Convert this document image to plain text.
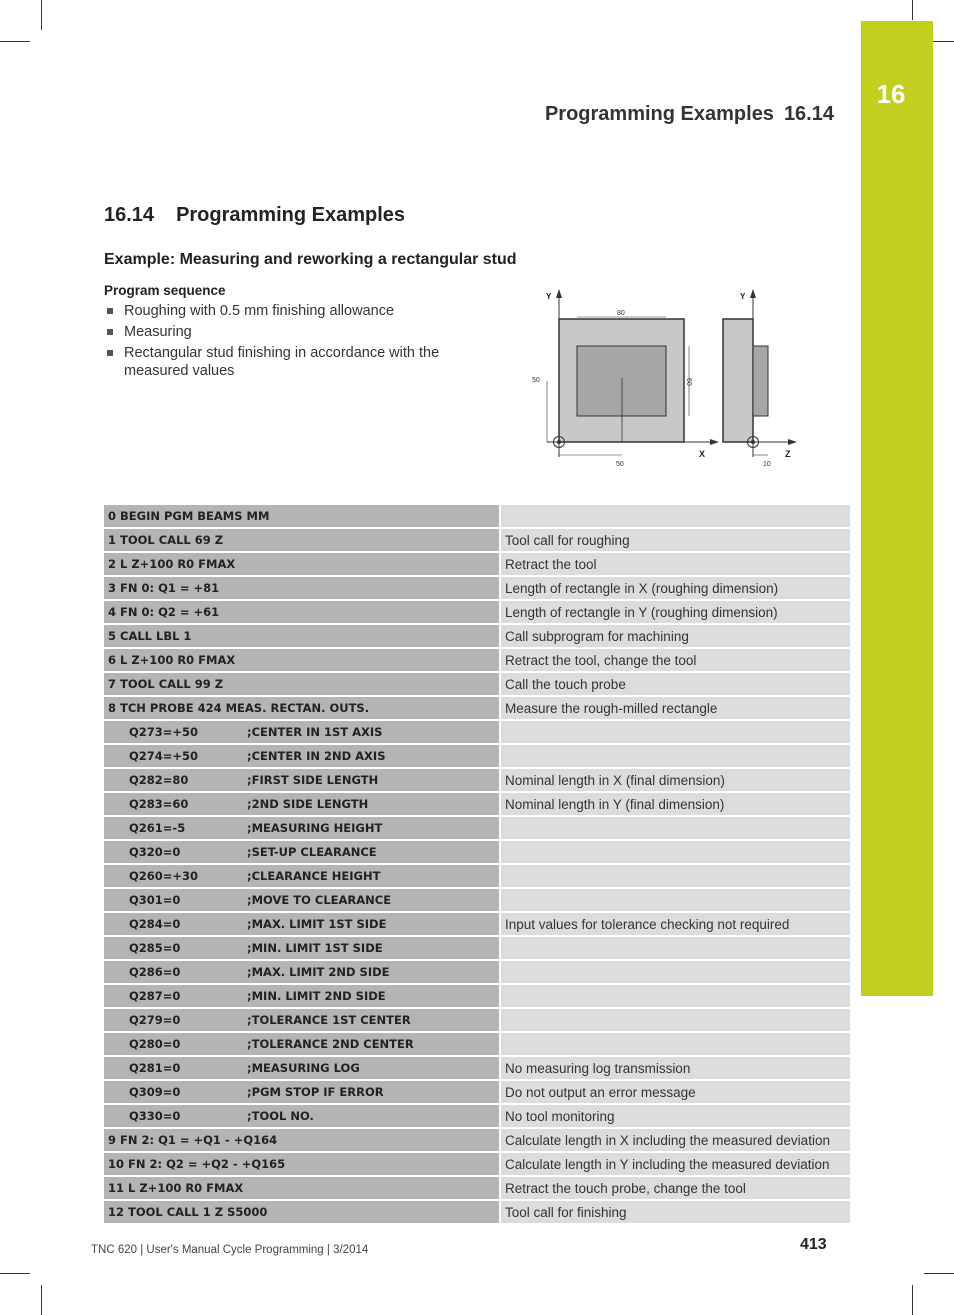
16
Programming Examples 16.14
16.14 Programming Examples
Example: Measuring and reworking a rectangular stud
Program sequence
Roughing with 0.5 mm finishing allowance
Measuring
Rectangular stud finishing in accordance with the measured values
Y
X
80
60
50
50
Y
Z
10
0 BEGIN PGM BEAMS MM	
1 TOOL CALL 69 Z	Tool call for roughing
2 L Z+100 R0 FMAX	Retract the tool
3 FN 0: Q1 = +81	Length of rectangle in X (roughing dimension)
4 FN 0: Q2 = +61	Length of rectangle in Y (roughing dimension)
5 CALL LBL 1	Call subprogram for machining
6 L Z+100 R0 FMAX	Retract the tool, change the tool
7 TOOL CALL 99 Z	Call the touch probe
8 TCH PROBE 424 MEAS. RECTAN. OUTS.	Measure the rough-milled rectangle
Q273=+50 ;CENTER IN 1ST AXIS	
Q274=+50 ;CENTER IN 2ND AXIS	
Q282=80 ;FIRST SIDE LENGTH	Nominal length in X (final dimension)
Q283=60 ;2ND SIDE LENGTH	Nominal length in Y (final dimension)
Q261=-5 ;MEASURING HEIGHT	
Q320=0 ;SET-UP CLEARANCE	
Q260=+30 ;CLEARANCE HEIGHT	
Q301=0 ;MOVE TO CLEARANCE	
Q284=0 ;MAX. LIMIT 1ST SIDE	Input values for tolerance checking not required
Q285=0 ;MIN. LIMIT 1ST SIDE	
Q286=0 ;MAX. LIMIT 2ND SIDE	
Q287=0 ;MIN. LIMIT 2ND SIDE	
Q279=0 ;TOLERANCE 1ST CENTER	
Q280=0 ;TOLERANCE 2ND CENTER	
Q281=0 ;MEASURING LOG	No measuring log transmission
Q309=0 ;PGM STOP IF ERROR	Do not output an error message
Q330=0 ;TOOL NO.	No tool monitoring
9 FN 2: Q1 = +Q1 - +Q164	Calculate length in X including the measured deviation
10 FN 2: Q2 = +Q2 - +Q165	Calculate length in Y including the measured deviation
11 L Z+100 R0 FMAX	Retract the touch probe, change the tool
12 TOOL CALL 1 Z S5000	Tool call for finishing
TNC 620 | User's Manual Cycle Programming | 3/2014	413
